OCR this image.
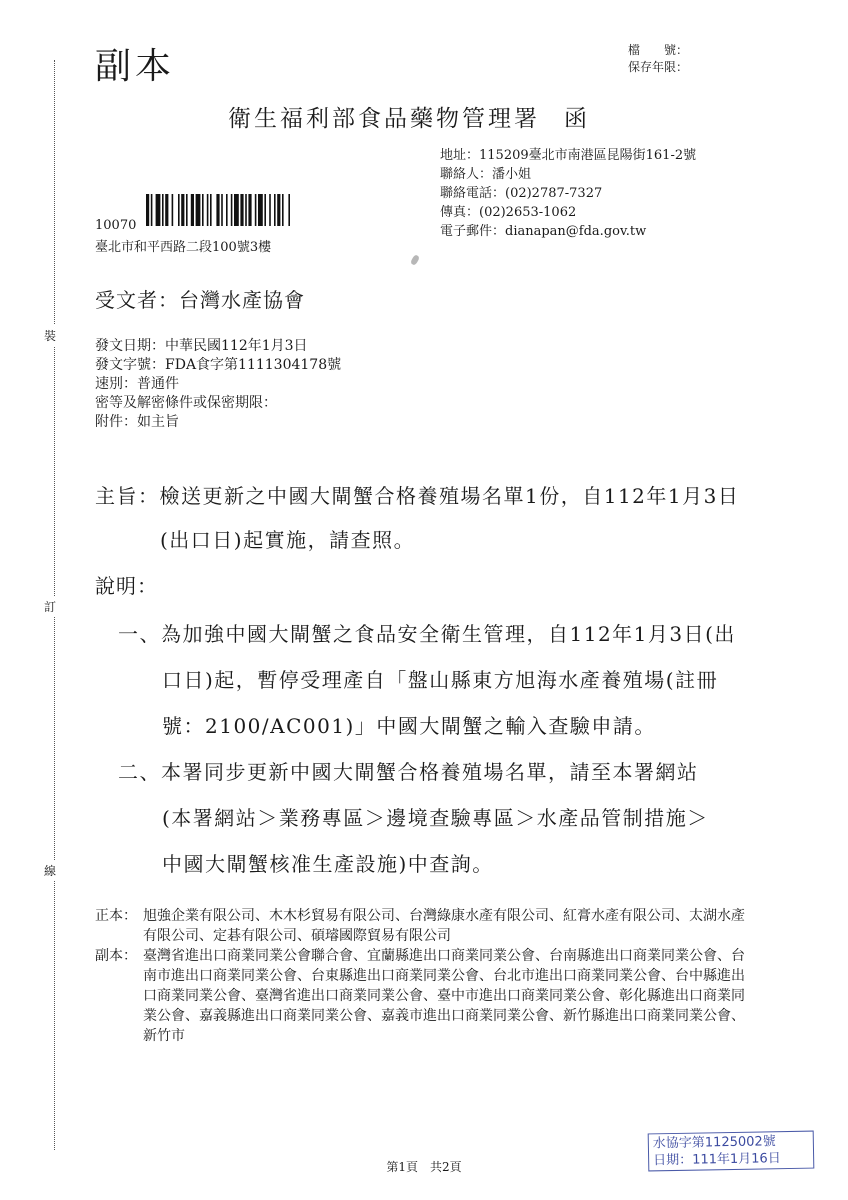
裝
訂
線
副本	檔　　號：
保存年限：
衛生福利部食品藥物管理署 函
地址：115209臺北市南港區昆陽街161-2號
聯絡人：潘小姐
聯絡電話：(02)2787-7327
傳真：(02)2653-1062
電子郵件：dianapan@fda.gov.tw
10070
臺北市和平西路二段100號3樓
受文者：台灣水產協會
發文日期：中華民國112年1月3日
發文字號：FDA食字第1111304178號
速別：普通件
密等及解密條件或保密期限：
附件：如主旨
主旨：檢送更新之中國大閘蟹合格養殖場名單1份，自112年1月3日
(出口日)起實施，請查照。
說明：
一、為加強中國大閘蟹之食品安全衛生管理，自112年1月3日(出
口日)起，暫停受理產自「盤山縣東方旭海水產養殖場(註冊
號：2100/AC001)」中國大閘蟹之輸入查驗申請。
二、本署同步更新中國大閘蟹合格養殖場名單，請至本署網站
(本署網站＞業務專區＞邊境查驗專區＞水產品管制措施＞
中國大閘蟹核准生產設施)中查詢。
正本： 旭強企業有限公司、木木杉貿易有限公司、台灣綠康水產有限公司、紅膏水產有限公司、太湖水產有限公司、定碁有限公司、碩璿國際貿易有限公司
副本： 臺灣省進出口商業同業公會聯合會、宜蘭縣進出口商業同業公會、台南縣進出口商業同業公會、台南市進出口商業同業公會、台東縣進出口商業同業公會、台北市進出口商業同業公會、台中縣進出口商業同業公會、臺灣省進出口商業同業公會、臺中市進出口商業同業公會、彰化縣進出口商業同業公會、嘉義縣進出口商業同業公會、嘉義市進出口商業同業公會、新竹縣進出口商業同業公會、新竹市
水協字第1125002號
日期：111年1月16日
第1頁　共2頁
